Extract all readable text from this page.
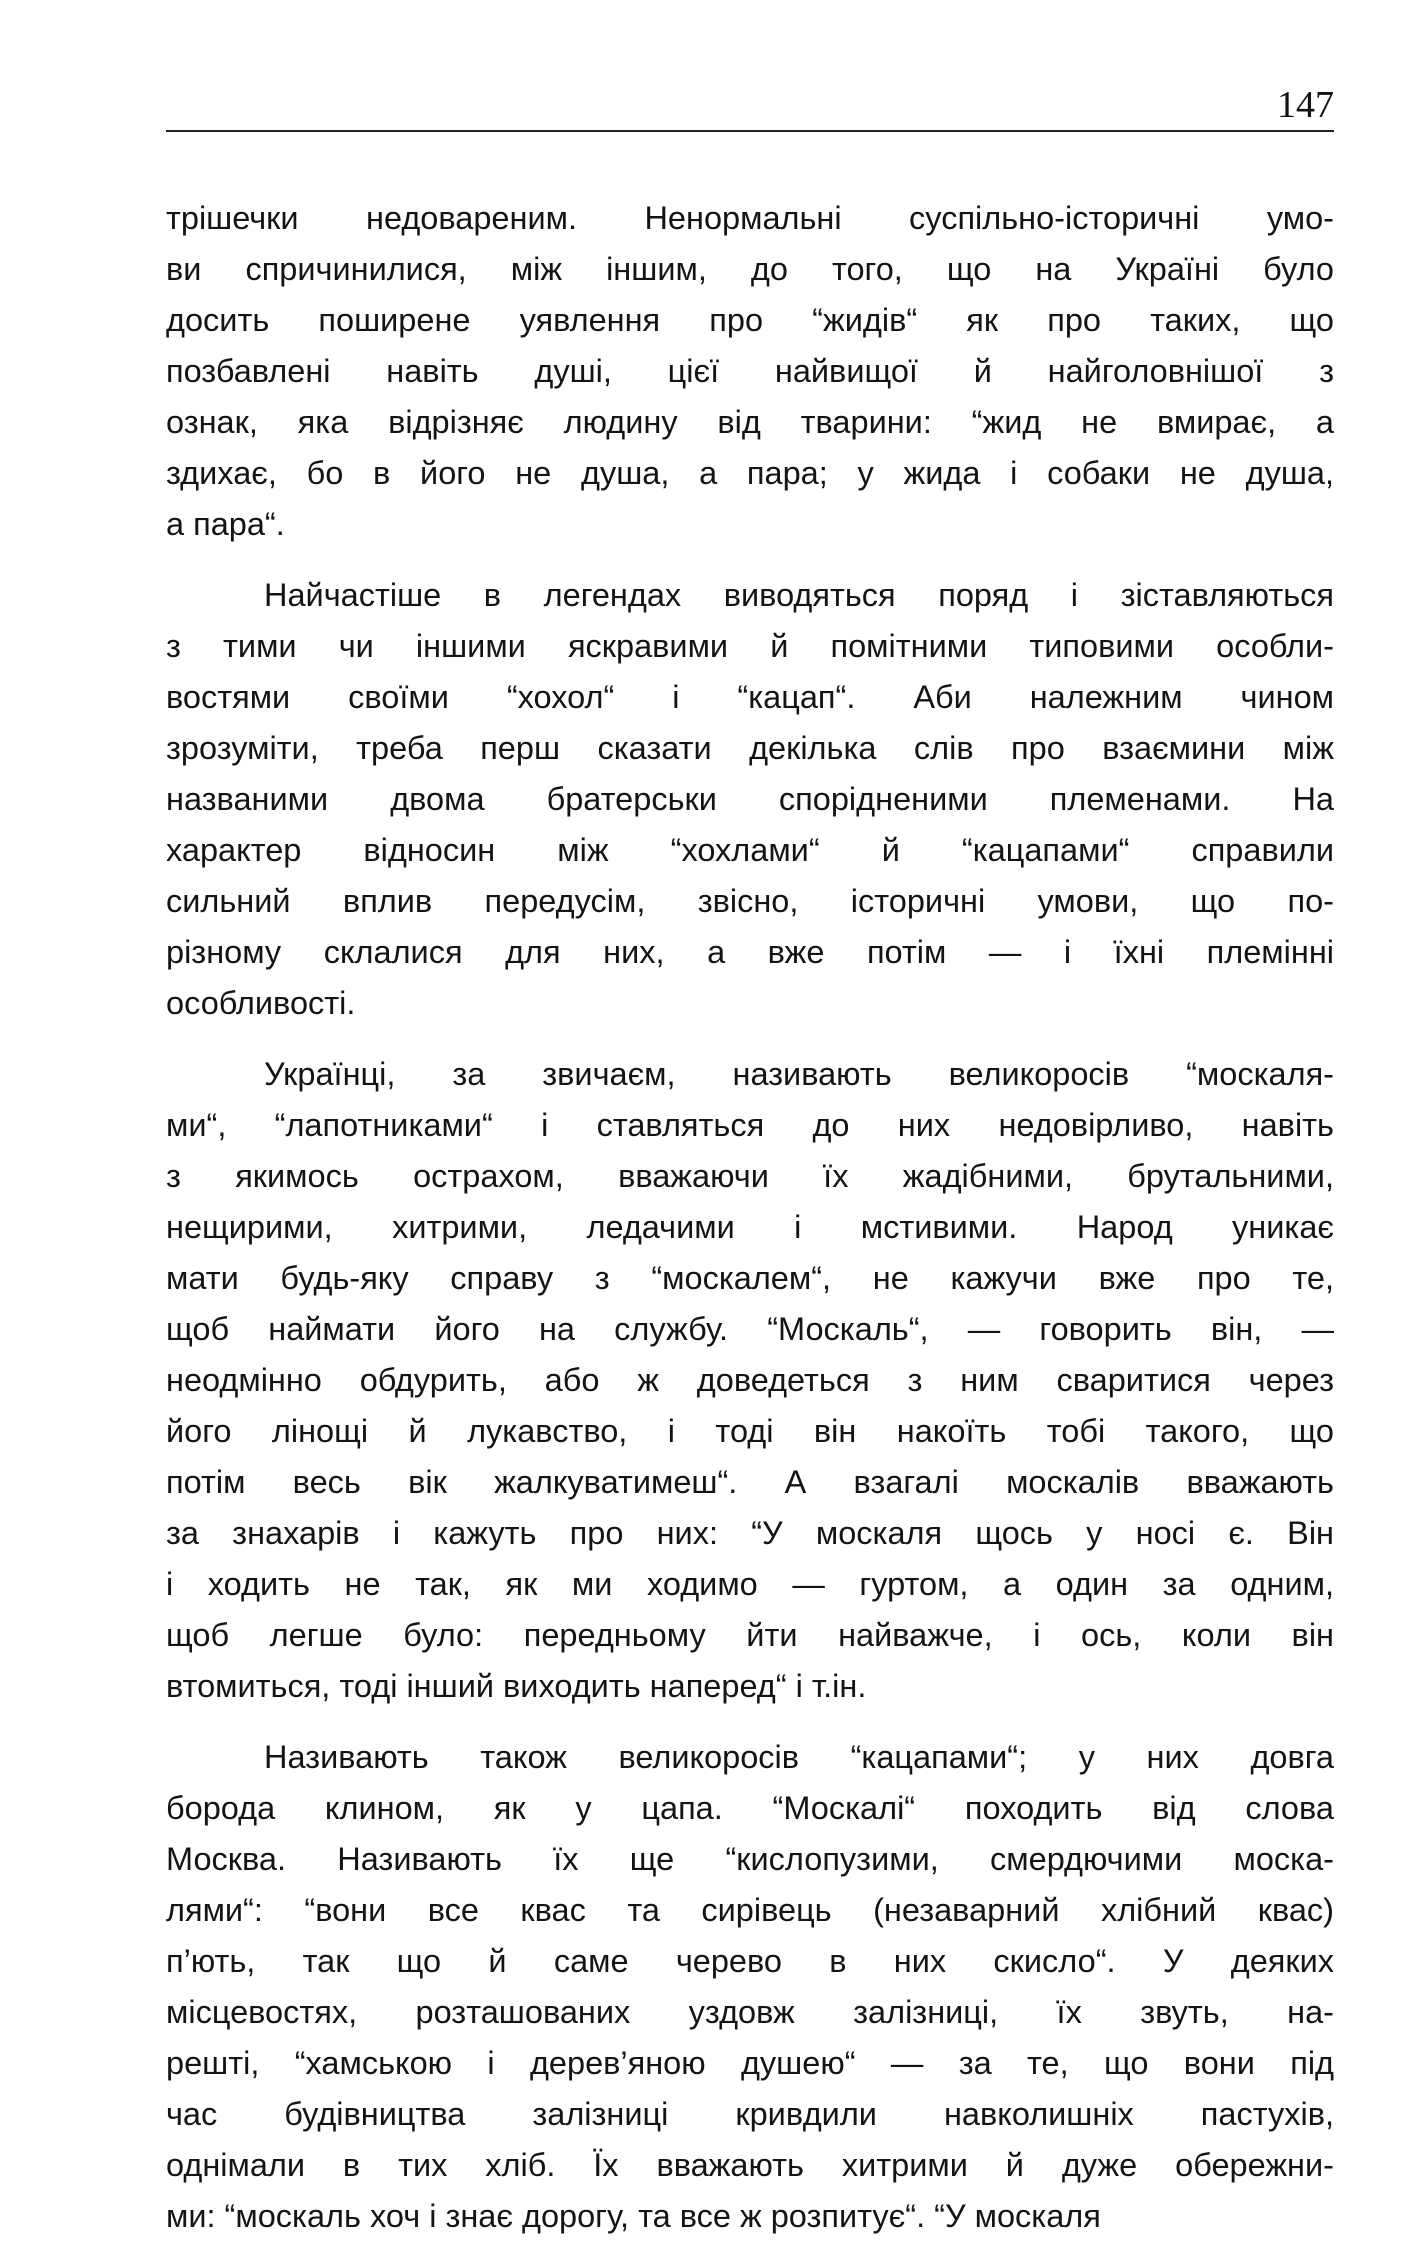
147
трішечки недовареним. Ненормальні суспільно-історичні умо-
ви спричинилися, між іншим, до того, що на Україні було
досить поширене уявлення про “жидів“ як про таких, що
позбавлені навіть душі, цієї найвищої й найголовнішої з
ознак, яка відрізняє людину від тварини: “жид не вмирає, а
здихає, бо в його не душа, а пара; у жида і собаки не душа,
а пара“.
Найчастіше в легендах виводяться поряд і зіставляються
з тими чи іншими яскравими й помітними типовими особли-
востями своїми “хохол“ і “кацап“. Аби належним чином
зрозуміти, треба перш сказати декілька слів про взаємини між
названими двома братерськи спорідненими племенами. На
характер відносин між “хохлами“ й “кацапами“ справили
сильний вплив передусім, звісно, історичні умови, що по-
різному склалися для них, а вже потім — і їхні племінні
особливості.
Українці, за звичаєм, називають великоросів “москаля-
ми“, “лапотниками“ і ставляться до них недовірливо, навіть
з якимось острахом, вважаючи їх жадібними, брутальними,
нещирими, хитрими, ледачими і мстивими. Народ уникає
мати будь-яку справу з “москалем“, не кажучи вже про те,
щоб наймати його на службу. “Москаль“, — говорить він, —
неодмінно обдурить, або ж доведеться з ним сваритися через
його лінощі й лукавство, і тоді він накоїть тобі такого, що
потім весь вік жалкуватимеш“. А взагалі москалів вважають
за знахарів і кажуть про них: “У москаля щось у носі є. Він
і ходить не так, як ми ходимо — гуртом, а один за одним,
щоб легше було: передньому йти найважче, і ось, коли він
втомиться, тоді інший виходить наперед“ і т.ін.
Називають також великоросів “кацапами“; у них довга
борода клином, як у цапа. “Москалі“ походить від слова
Москва. Називають їх ще “кислопузими, смердючими моска-
лями“: “вони все квас та сирівець (незаварний хлібний квас)
п’ють, так що й саме черево в них скисло“. У деяких
місцевостях, розташованих уздовж залізниці, їх звуть, на-
решті, “хамською і дерев’яною душею“ — за те, що вони під
час будівництва залізниці кривдили навколишніх пастухів,
однімали в тих хліб. Їх вважають хитрими й дуже обережни-
ми: “москаль хоч і знає дорогу, та все ж розпитує“. “У москаля
